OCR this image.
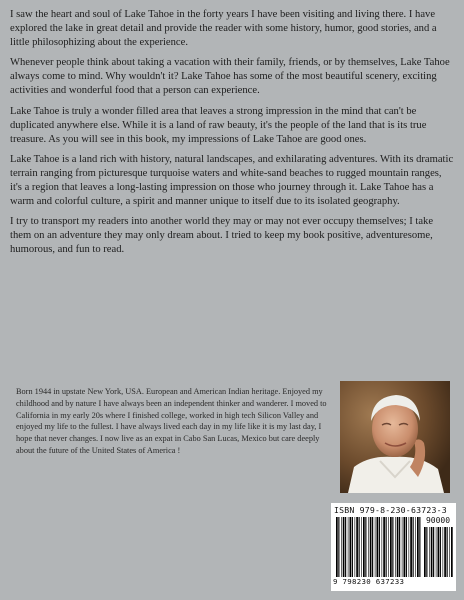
I saw the heart and soul of Lake Tahoe in the forty years I have been visiting and living there. I have explored the lake in great detail and provide the reader with some history, humor, good stories, and a little philosophizing about the experience.

Whenever people think about taking a vacation with their family, friends, or by themselves, Lake Tahoe always come to mind. Why wouldn't it? Lake Tahoe has some of the most beautiful scenery, exciting activities and wonderful food that a person can experience.

Lake Tahoe is truly a wonder filled area that leaves a strong impression in the mind that can't be duplicated anywhere else. While it is a land of raw beauty, it's the people of the land that is its true treasure. As you will see in this book, my impressions of Lake Tahoe are good ones.

Lake Tahoe is a land rich with history, natural landscapes, and exhilarating adventures. With its dramatic terrain ranging from picturesque turquoise waters and white-sand beaches to rugged mountain ranges, it's a region that leaves a long-lasting impression on those who journey through it. Lake Tahoe has a warm and colorful culture, a spirit and manner unique to itself due to its isolated geography.

I try to transport my readers into another world they may or may not ever occupy themselves; I take them on an adventure they may only dream about. I tried to keep my book positive, adventuresome, humorous, and fun to read.

Born 1944 in upstate New York, USA. European and American Indian heritage. Enjoyed my childhood and by nature I have always been an independent thinker and wanderer. I moved to California in my early 20s where I finished college, worked in high tech Silicon Valley and enjoyed my life to the fullest. I have always lived each day in my life like it is my last day, I hope that never changes. I now live as an expat in Cabo San Lucas, Mexico but care deeply about the future of the United States of America !

ISBN 979-8-230-63723-3
90000
9 798230 637233
